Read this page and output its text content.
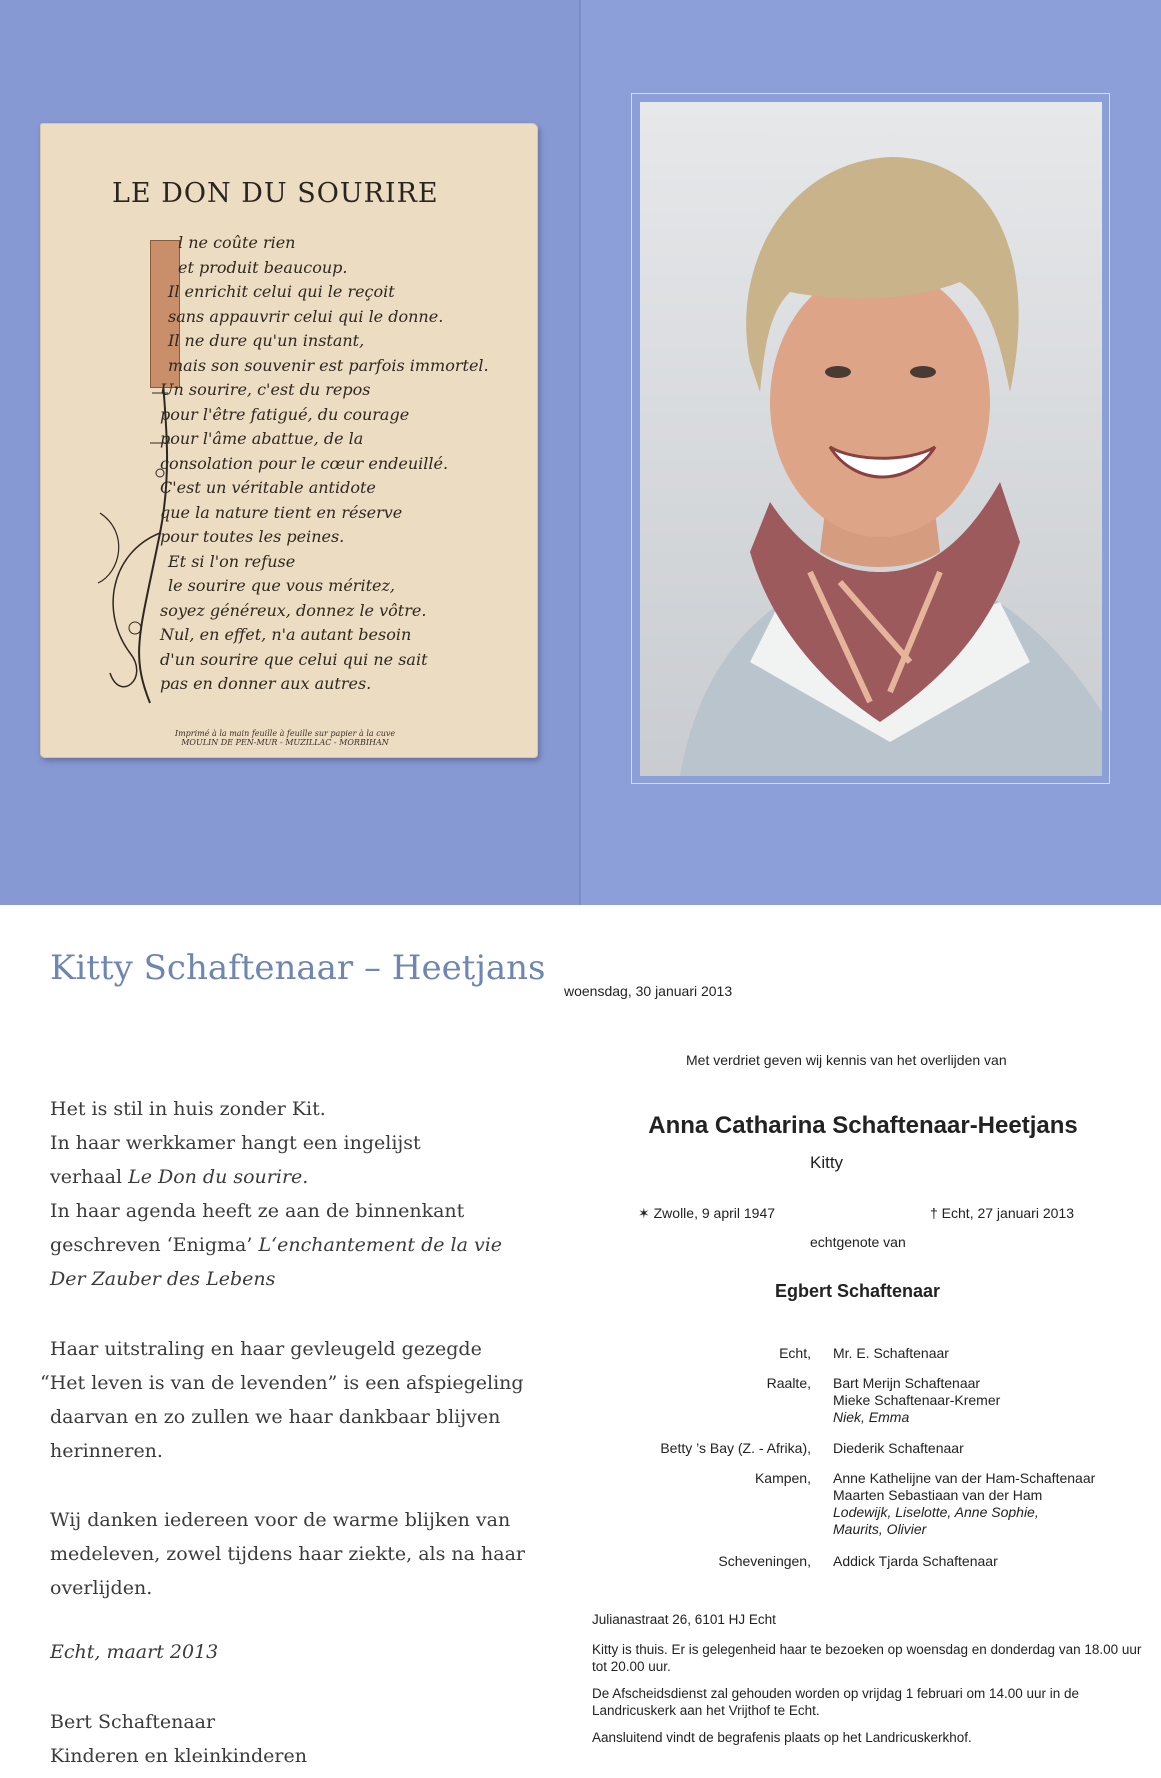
LE DON DU SOURIRE
l ne coûte rien
et produit beaucoup.
Il enrichit celui qui le reçoit
sans appauvrir celui qui le donne.
Il ne dure qu'un instant,
mais son souvenir est parfois immortel.
Un sourire, c'est du repos
pour l'être fatigué, du courage
pour l'âme abattue, de la
consolation pour le cœur endeuillé.
C'est un véritable antidote
que la nature tient en réserve
pour toutes les peines.
Et si l'on refuse
le sourire que vous méritez,
soyez généreux, donnez le vôtre.
Nul, en effet, n'a autant besoin
d'un sourire que celui qui ne sait
pas en donner aux autres.
Imprimé à la main feuille à feuille sur papier à la cuve
MOULIN DE PEN-MUR - MUZILLAC - MORBIHAN
Kitty Schaftenaar – Heetjans
woensdag, 30 januari 2013

Het is stil in huis zonder Kit.

In haar werkkamer hangt een ingelijst

verhaal Le Don du sourire.

In haar agenda heeft ze aan de binnenkant

geschreven ‘Enigma’ L‘enchantement de la vie

Der Zauber des Lebens

Haar uitstraling en haar gevleugeld gezegde

“Het leven is van de levenden” is een afspiegeling

daarvan en zo zullen we haar dankbaar blijven

herinneren.

Wij danken iedereen voor de warme blijken van

medeleven, zowel tijdens haar ziekte, als na haar

overlijden.

Echt, maart 2013

Bert Schaftenaar

Kinderen en kleinkinderen

Met verdriet geven wij kennis van het overlijden van
Anna Catharina Schaftenaar-Heetjans
Kitty
✶ Zwolle, 9 april 1947	† Echt, 27 januari 2013
echtgenote van
Egbert Schaftenaar
Echt, Mr. E. Schaftenaar
Raalte, Bart Merijn Schaftenaar
Mieke Schaftenaar-Kremer
Niek, Emma
Betty ’s Bay (Z. - Afrika), Diederik Schaftenaar
Kampen, Anne Kathelijne van der Ham-Schaftenaar
Maarten Sebastiaan van der Ham
Lodewijk, Liselotte, Anne Sophie,
Maurits, Olivier
Scheveningen, Addick Tjarda Schaftenaar
Julianastraat 26, 6101 HJ Echt
Kitty is thuis. Er is gelegenheid haar te bezoeken op woensdag en donderdag van 18.00 uur tot 20.00 uur.
De Afscheidsdienst zal gehouden worden op vrijdag 1 februari om 14.00 uur in de Landricuskerk aan het Vrijthof te Echt.
Aansluitend vindt de begrafenis plaats op het Landricuskerkhof.
